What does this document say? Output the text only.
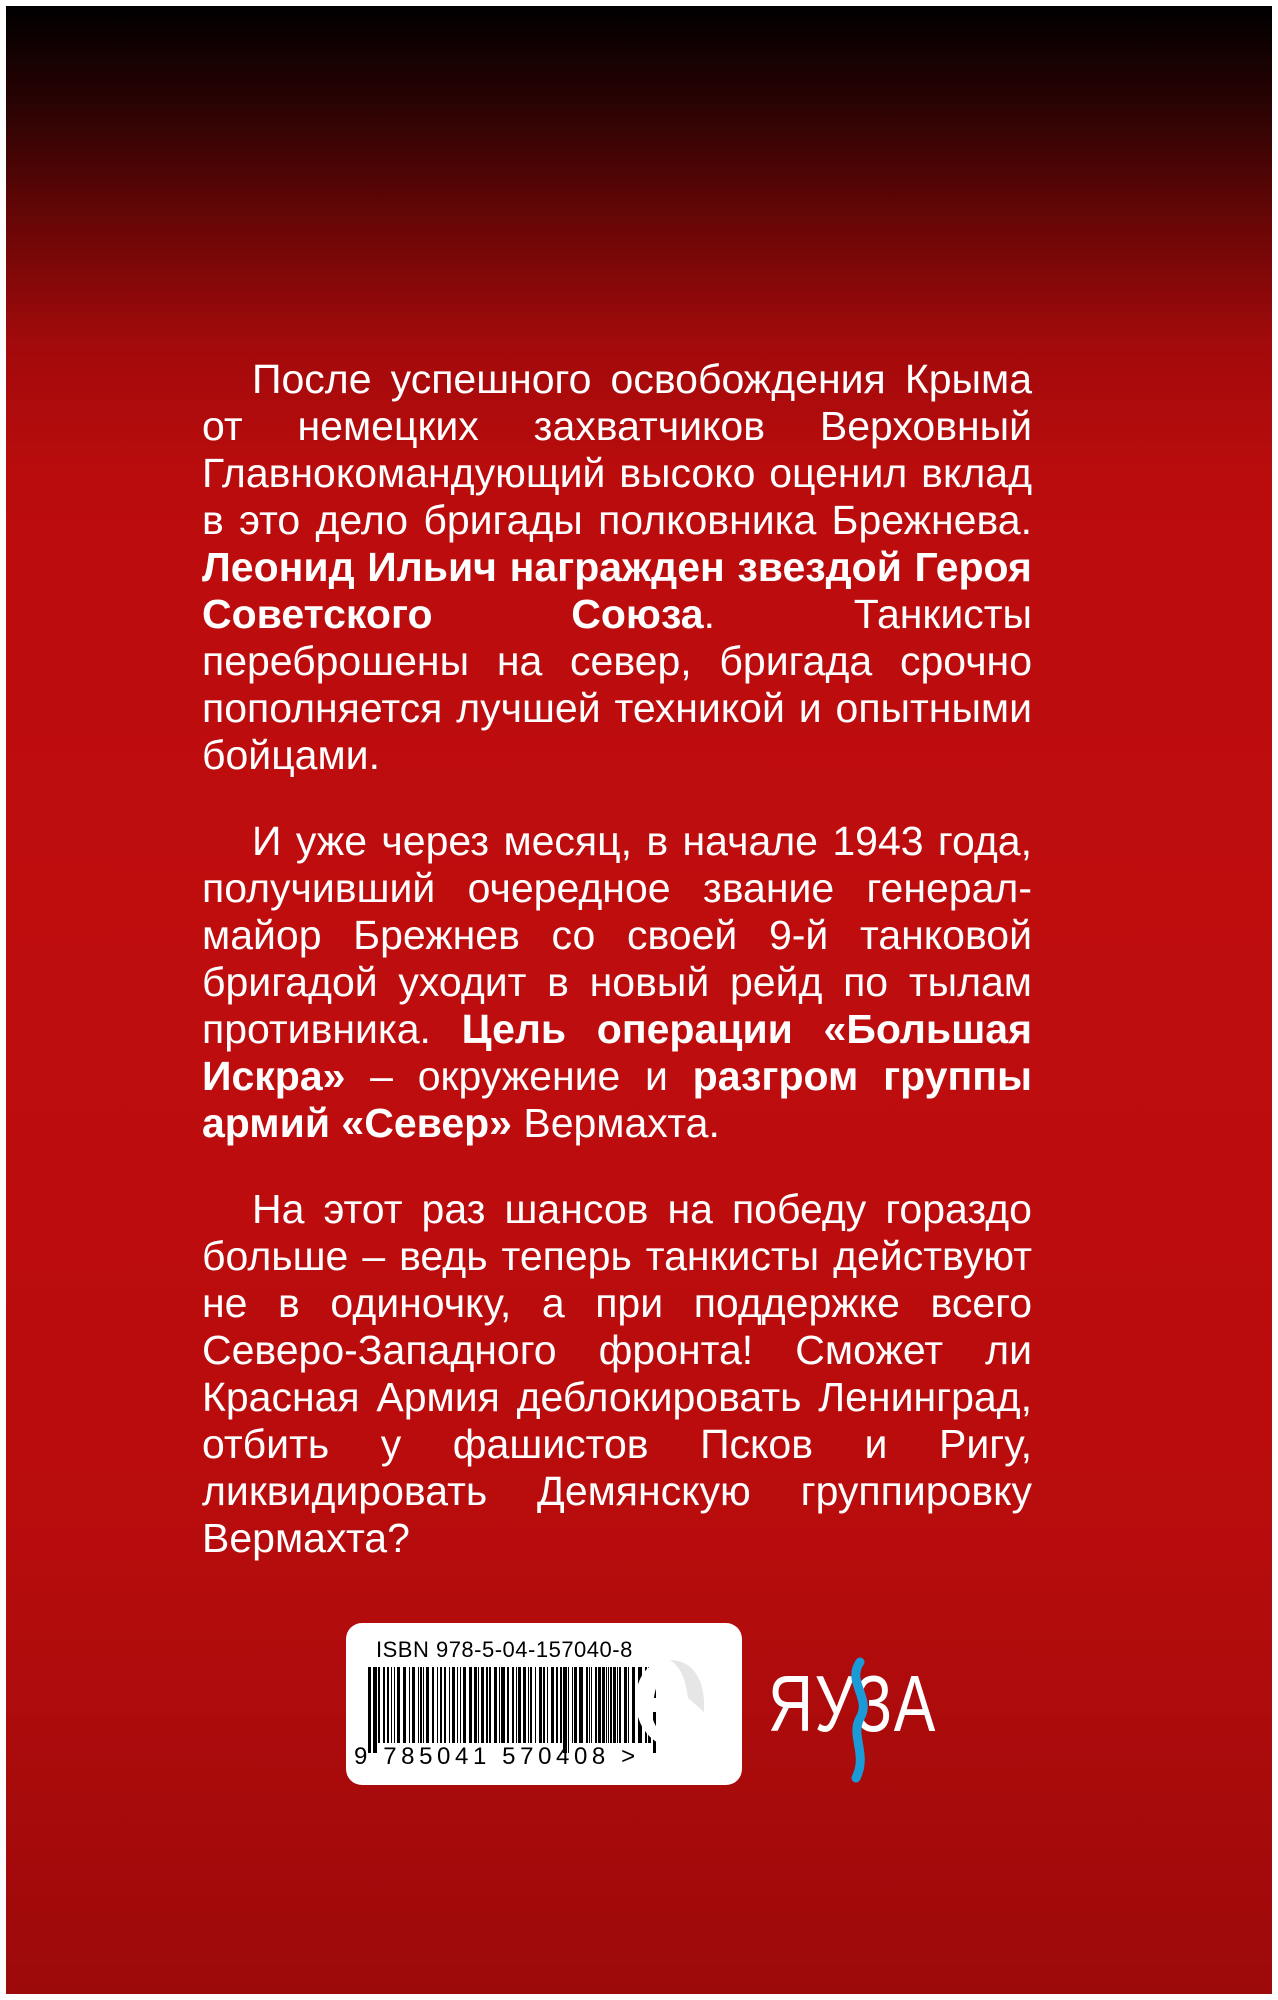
После успешного освобождения Крыма от немецких захватчиков Верховный Главнокомандующий высоко оценил вклад в это дело бригады полковника Брежнева. Леонид Ильич награжден звездой Героя Советского Союза. Танкисты переброшены на север, бригада срочно пополняется лучшей техникой и опытными бойцами.

И уже через месяц, в начале 1943 года, получивший очередное звание генерал-майор Брежнев со своей 9-й танковой бригадой уходит в новый рейд по тылам противника. Цель операции «Большая Искра» – окружение и разгром группы армий «Север» Вермахта.

На этот раз шансов на победу гораздо больше – ведь теперь танкисты действуют не в одиночку, а при поддержке всего Северо-Западного фронта! Сможет ли Красная Армия деблокировать Ленинград, отбить у фашистов Псков и Ригу, ликвидировать Демянскую группировку Вермахта?

ISBN 978-5-04-157040-8
9 785041 570408 >
ЯУЗА
